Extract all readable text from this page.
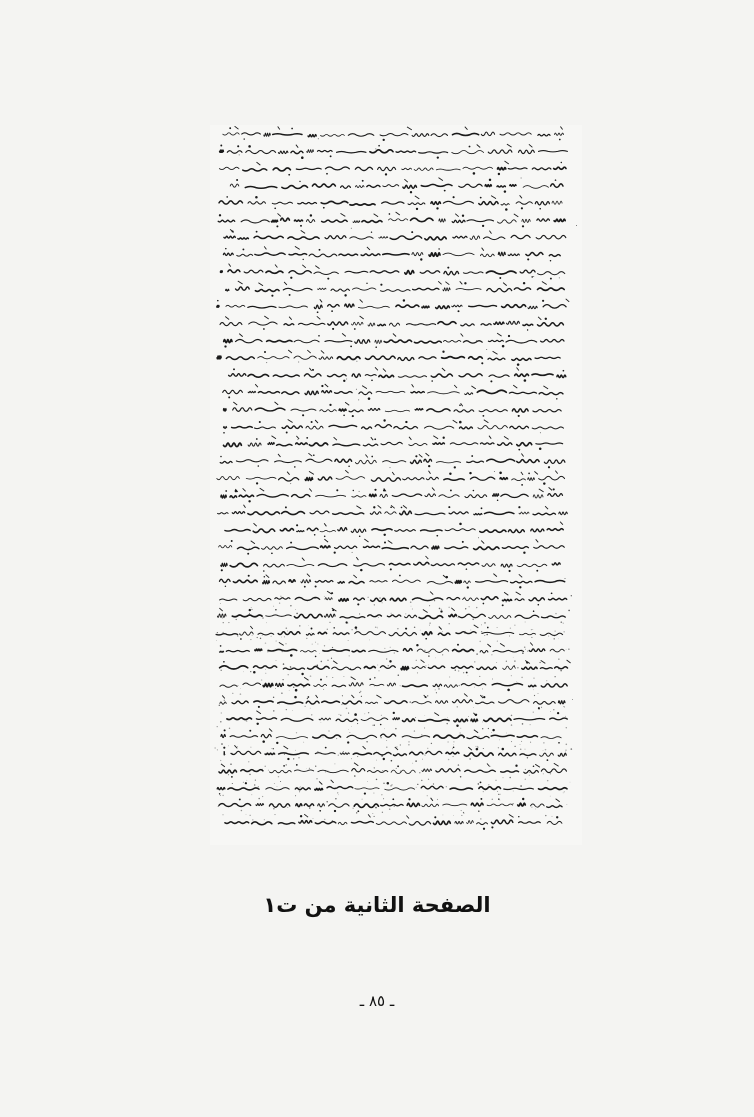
الصفحة الثانية من ت١
ـ ٨٥ ـ
